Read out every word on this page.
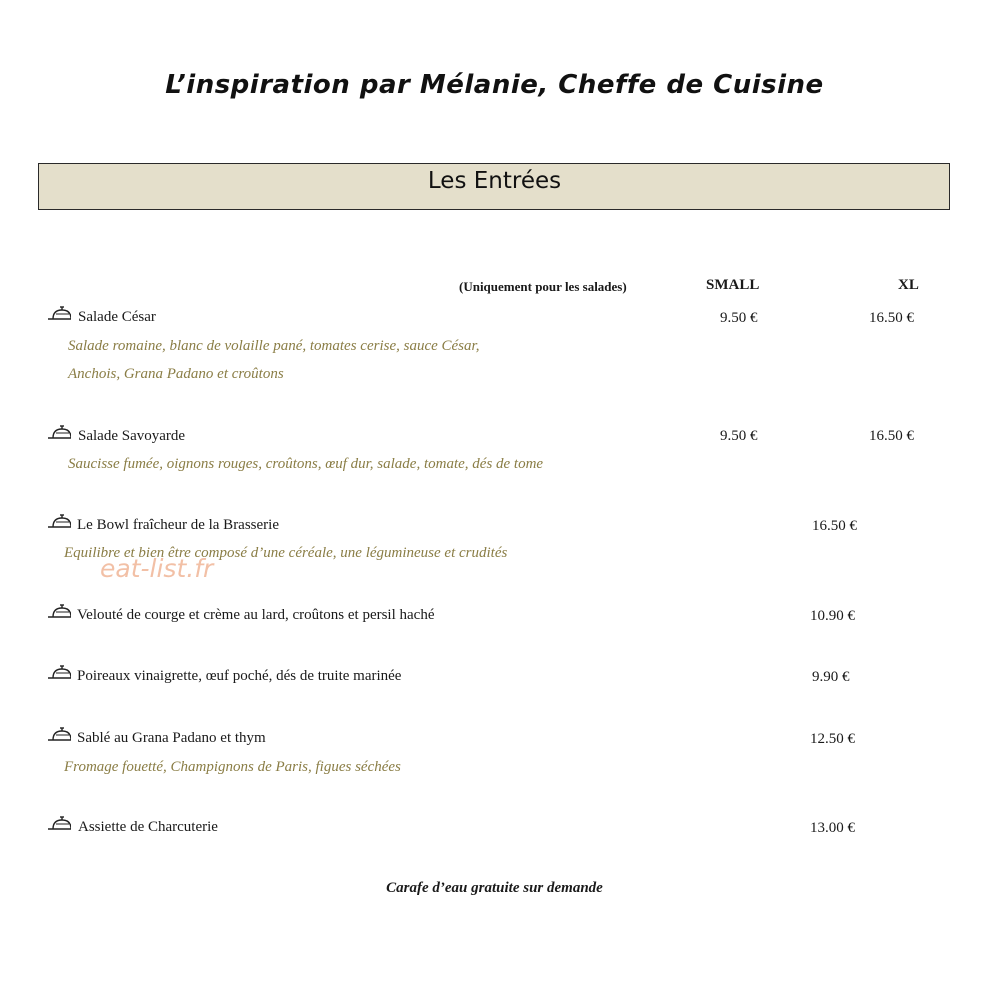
L’inspiration par Mélanie, Cheffe de Cuisine
Les Entrées
(Uniquement pour les salades)	SMALL	XL
Salade César	9.50 €	16.50 €
Salade romaine, blanc de volaille pané, tomates cerise, sauce César,
Anchois, Grana Padano et croûtons
Salade Savoyarde	9.50 €	16.50 €
Saucisse fumée, oignons rouges, croûtons, œuf dur, salade, tomate, dés de tome
Le Bowl fraîcheur de la Brasserie	16.50 €
Equilibre et bien être composé d’une céréale, une légumineuse et crudités
eat-list.fr
Velouté de courge et crème au lard, croûtons et persil haché	10.90 €
Poireaux vinaigrette, œuf poché, dés de truite marinée	9.90 €
Sablé au Grana Padano et thym	12.50 €
Fromage fouetté, Champignons de Paris, figues séchées
Assiette de Charcuterie	13.00 €
Carafe d’eau gratuite sur demande
